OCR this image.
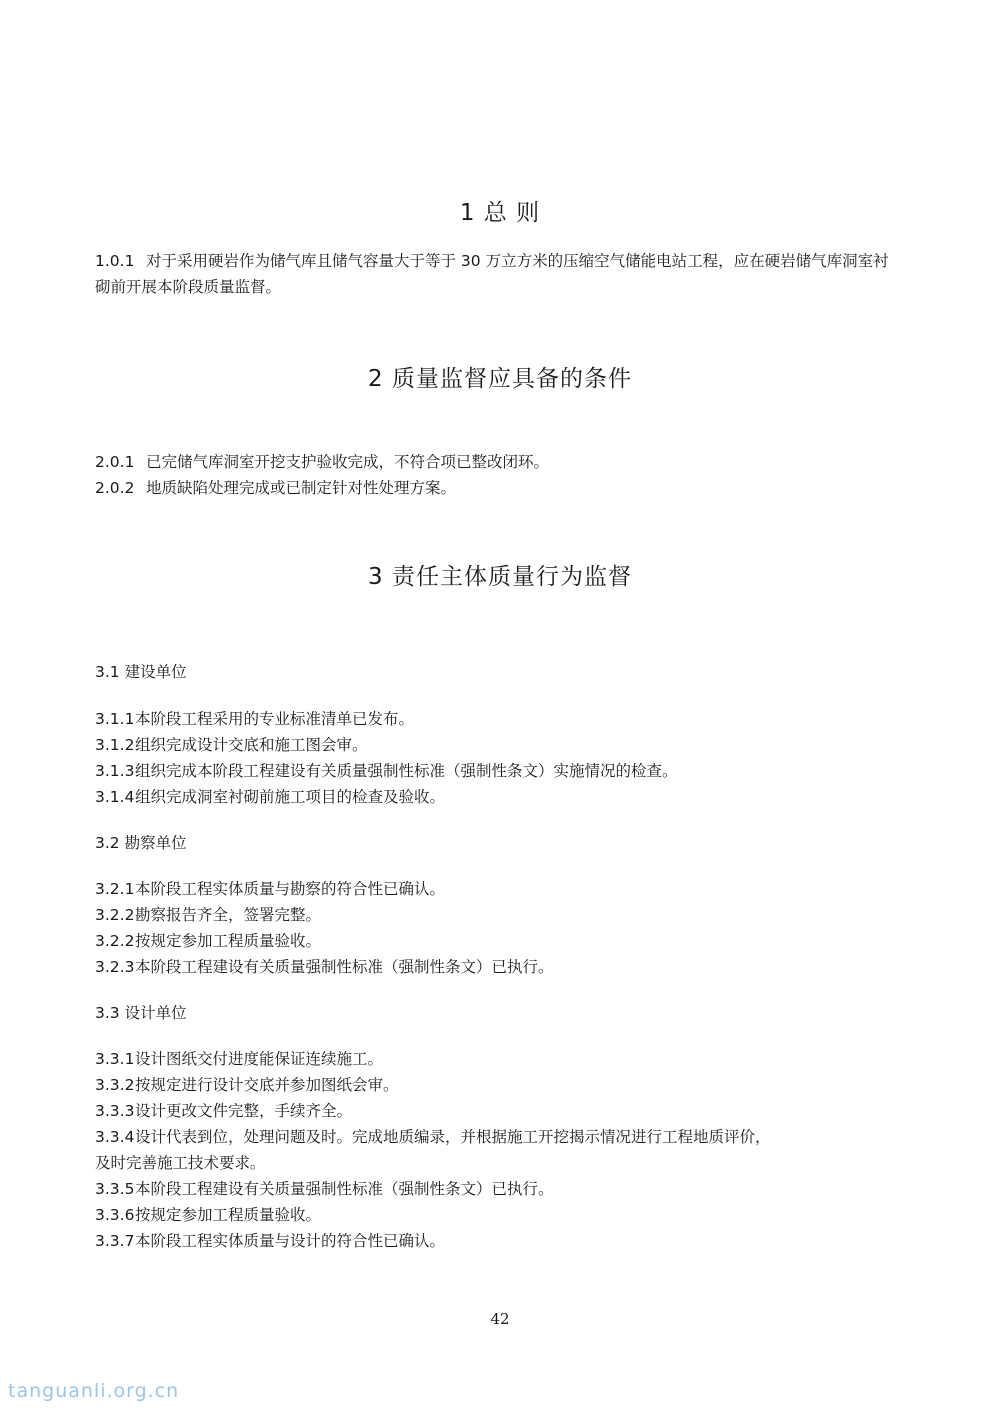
1 总 则
1.0.1 对于采用硬岩作为储气库且储气容量大于等于 30 万立方米的压缩空气储能电站工程，应在硬岩储气库洞室衬砌前开展本阶段质量监督。
2 质量监督应具备的条件
2.0.1 已完储气库洞室开挖支护验收完成，不符合项已整改闭环。
2.0.2 地质缺陷处理完成或已制定针对性处理方案。
3 责任主体质量行为监督
3.1 建设单位
3.1.1本阶段工程采用的专业标准清单已发布。
3.1.2组织完成设计交底和施工图会审。
3.1.3组织完成本阶段工程建设有关质量强制性标准（强制性条文）实施情况的检查。
3.1.4组织完成洞室衬砌前施工项目的检查及验收。
3.2 勘察单位
3.2.1本阶段工程实体质量与勘察的符合性已确认。
3.2.2勘察报告齐全，签署完整。
3.2.2按规定参加工程质量验收。
3.2.3本阶段工程建设有关质量强制性标准（强制性条文）已执行。
3.3 设计单位
3.3.1设计图纸交付进度能保证连续施工。
3.3.2按规定进行设计交底并参加图纸会审。
3.3.3设计更改文件完整，手续齐全。
3.3.4设计代表到位，处理问题及时。完成地质编录，并根据施工开挖揭示情况进行工程地质评价，
及时完善施工技术要求。
3.3.5本阶段工程建设有关质量强制性标准（强制性条文）已执行。
3.3.6按规定参加工程质量验收。
3.3.7本阶段工程实体质量与设计的符合性已确认。
42
tanguanli.org.cn
